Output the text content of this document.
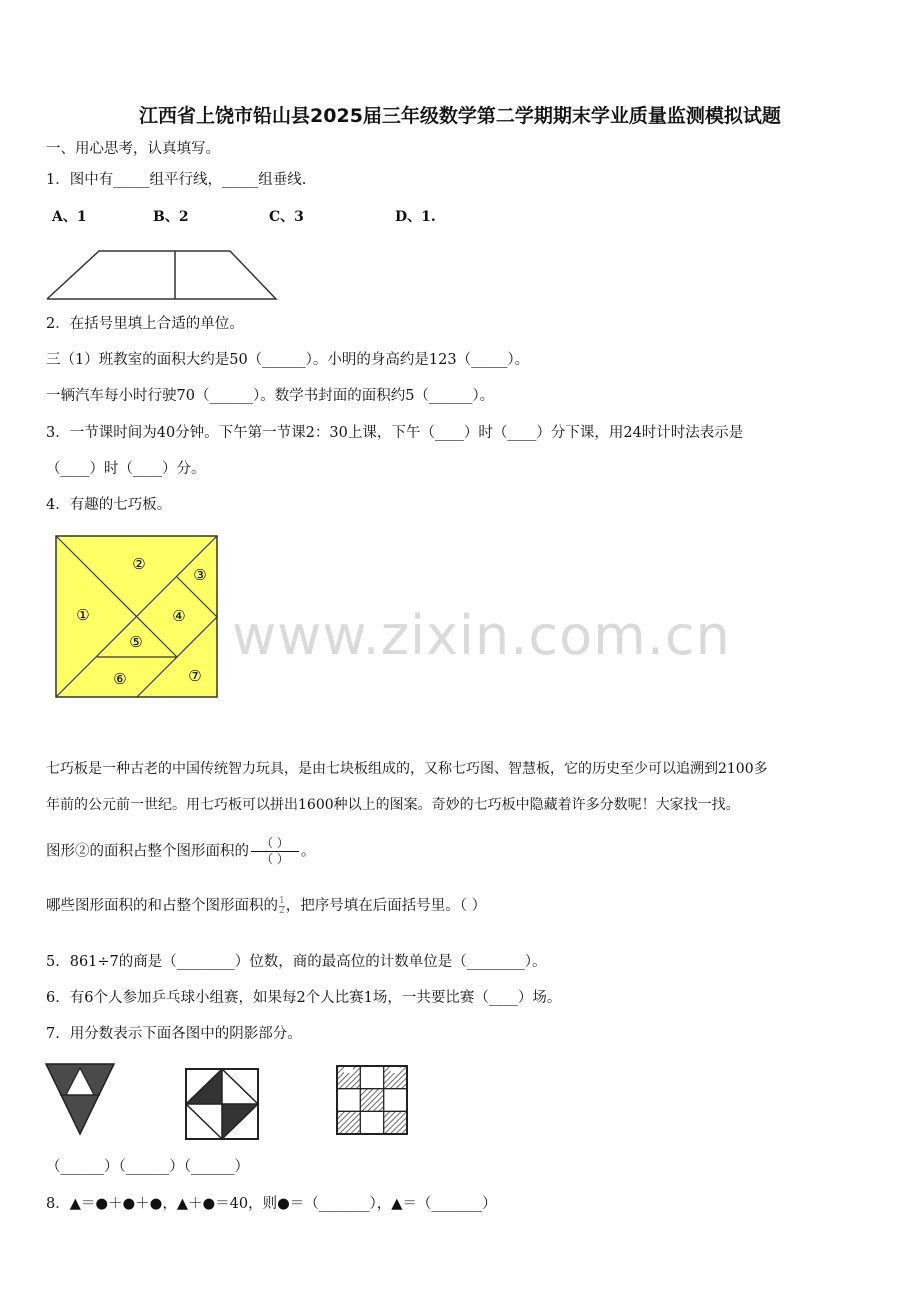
江西省上饶市铅山县2025届三年级数学第二学期期末学业质量监测模拟试题
一、用心思考，认真填写。
1．图中有_____组平行线，_____组垂线.
A、1	B、2	C、3	D、1.
2．在括号里填上合适的单位。
三（1）班教室的面积大约是50（______）。小明的身高约是123（_____）。
一辆汽车每小时行驶70（______）。数学书封面的面积约5（______）。
3．一节课时间为40分钟。下午第一节课2：30上课，下午（____）时（____）分下课，用24时计时法表示是
（____）时（____）分。
4．有趣的七巧板。
①
②
③
④
⑤
⑥	⑦
www.zixin.com.cn
七巧板是一种古老的中国传统智力玩具，是由七块板组成的，又称七巧图、智慧板，它的历史至少可以追溯到2100多
年前的公元前一世纪。用七巧板可以拼出1600种以上的图案。奇妙的七巧板中隐藏着许多分数呢！大家找一找。
图形②的面积占整个图形面积的 $\frac{( )}{( )}$ 。
哪些图形面积的和占整个图形面积的 $\frac{1}{2}$ ，把序号填在后面括号里。（ ）
5．861÷7的商是（________）位数，商的最高位的计数单位是（________）。
6．有6个人参加乒乓球小组赛，如果每2个人比赛1场，一共要比赛（____）场。
7．用分数表示下面各图中的阴影部分。
（______）（______）（______）
8．▲＝●＋●＋●，▲＋●＝40，则●＝（_______），▲＝（_______）
